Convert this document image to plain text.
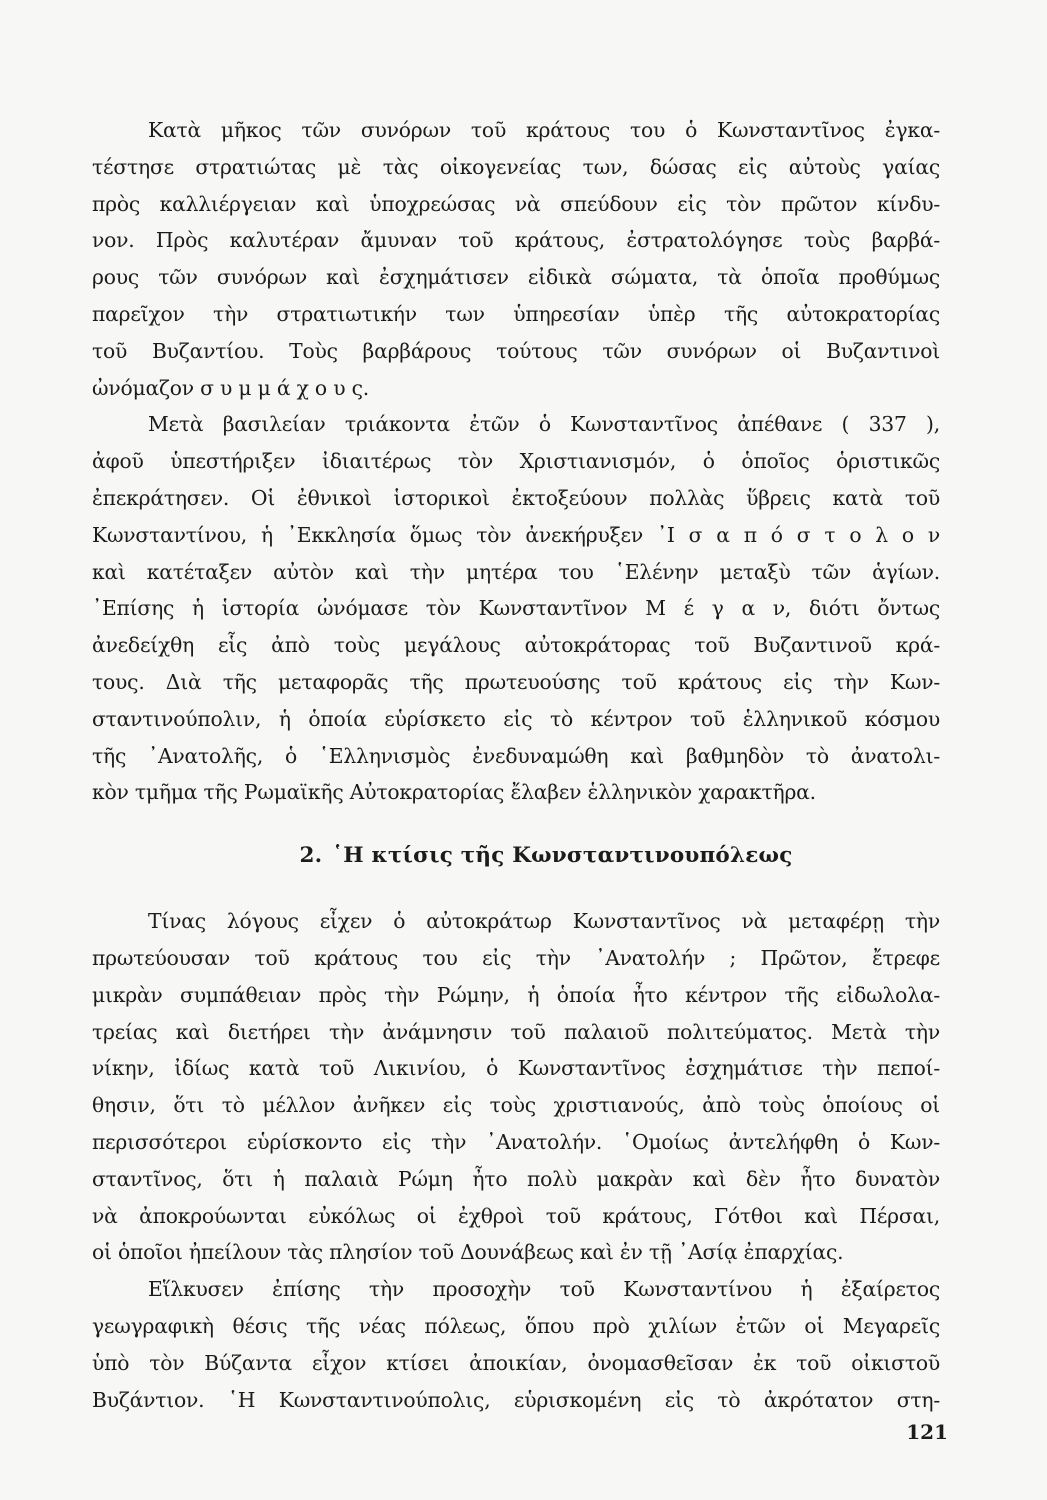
Κατὰ μῆκος τῶν συνόρων τοῦ κράτους του ὁ Κωνσταντῖνος ἐγκα-
τέστησε στρατιώτας μὲ τὰς οἰκογενείας των, δώσας εἰς αὐτοὺς γαίας
πρὸς καλλιέργειαν καὶ ὑποχρεώσας νὰ σπεύδουν εἰς τὸν πρῶτον κίνδυ-
νον. Πρὸς καλυτέραν ἄμυναν τοῦ κράτους, ἐστρατολόγησε τοὺς βαρβά-
ρους τῶν συνόρων καὶ ἐσχημάτισεν εἰδικὰ σώματα, τὰ ὁποῖα προθύμως
παρεῖχον τὴν στρατιωτικήν των ὑπηρεσίαν ὑπὲρ τῆς αὐτοκρατορίας
τοῦ Βυζαντίου. Τοὺς βαρβάρους τούτους τῶν συνόρων οἱ Βυζαντινοὶ
ὠνόμαζον σ υ μ μ ά χ ο υ ς.
Μετὰ βασιλείαν τριάκοντα ἐτῶν ὁ Κωνσταντῖνος ἀπέθανε ( 337 ),
ἀφοῦ ὑπεστήριξεν ἰδιαιτέρως τὸν Χριστιανισμόν, ὁ ὁποῖος ὁριστικῶς
ἐπεκράτησεν. Οἱ ἐθνικοὶ ἱστορικοὶ ἐκτοξεύουν πολλὰς ὕβρεις κατὰ τοῦ
Κωνσταντίνου, ἡ ᾿Εκκλησία ὅμως τὸν ἀνεκήρυξεν ᾿Ι σ α π ό σ τ ο λ ο ν
καὶ κατέταξεν αὐτὸν καὶ τὴν μητέρα του ῾Ελένην μεταξὺ τῶν ἁγίων.
᾿Επίσης ἡ ἱστορία ὠνόμασε τὸν Κωνσταντῖνον Μ έ γ α ν, διότι ὄντως
ἀνεδείχθη εἷς ἀπὸ τοὺς μεγάλους αὐτοκράτορας τοῦ Βυζαντινοῦ κρά-
τους. Διὰ τῆς μεταφορᾶς τῆς πρωτευούσης τοῦ κράτους εἰς τὴν Κων-
σταντινούπολιν, ἡ ὁποία εὑρίσκετο εἰς τὸ κέντρον τοῦ ἑλληνικοῦ κόσμου
τῆς ᾿Ανατολῆς, ὁ ῾Ελληνισμὸς ἐνεδυναμώθη καὶ βαθμηδὸν τὸ ἀνατολι-
κὸν τμῆμα τῆς Ρωμαϊκῆς Αὐτοκρατορίας ἔλαβεν ἑλληνικὸν χαρακτῆρα.
2. ῾Η κτίσις τῆς Κωνσταντινουπόλεως
Τίνας λόγους εἶχεν ὁ αὐτοκράτωρ Κωνσταντῖνος νὰ μεταφέρῃ τὴν
πρωτεύουσαν τοῦ κράτους του εἰς τὴν ᾿Ανατολήν ; Πρῶτον, ἔτρεφε
μικρὰν συμπάθειαν πρὸς τὴν Ρώμην, ἡ ὁποία ἦτο κέντρον τῆς εἰδωλολα-
τρείας καὶ διετήρει τὴν ἀνάμνησιν τοῦ παλαιοῦ πολιτεύματος. Μετὰ τὴν
νίκην, ἰδίως κατὰ τοῦ Λικινίου, ὁ Κωνσταντῖνος ἐσχημάτισε τὴν πεποί-
θησιν, ὅτι τὸ μέλλον ἀνῆκεν εἰς τοὺς χριστιανούς, ἀπὸ τοὺς ὁποίους οἱ
περισσότεροι εὑρίσκοντο εἰς τὴν ᾿Ανατολήν. ῾Ομοίως ἀντελήφθη ὁ Κων-
σταντῖνος, ὅτι ἡ παλαιὰ Ρώμη ἦτο πολὺ μακρὰν καὶ δὲν ἦτο δυνατὸν
νὰ ἀποκρούωνται εὐκόλως οἱ ἐχθροὶ τοῦ κράτους, Γότθοι καὶ Πέρσαι,
οἱ ὁποῖοι ἠπείλουν τὰς πλησίον τοῦ Δουνάβεως καὶ ἐν τῇ ᾿Ασίᾳ ἐπαρχίας.
Εἵλκυσεν ἐπίσης τὴν προσοχὴν τοῦ Κωνσταντίνου ἡ ἐξαίρετος
γεωγραφικὴ θέσις τῆς νέας πόλεως, ὅπου πρὸ χιλίων ἐτῶν οἱ Μεγαρεῖς
ὑπὸ τὸν Βύζαντα εἶχον κτίσει ἀποικίαν, ὀνομασθεῖσαν ἐκ τοῦ οἰκιστοῦ
Βυζάντιον. ῾Η Κωνσταντινούπολις, εὑρισκομένη εἰς τὸ ἀκρότατον στη-
121
